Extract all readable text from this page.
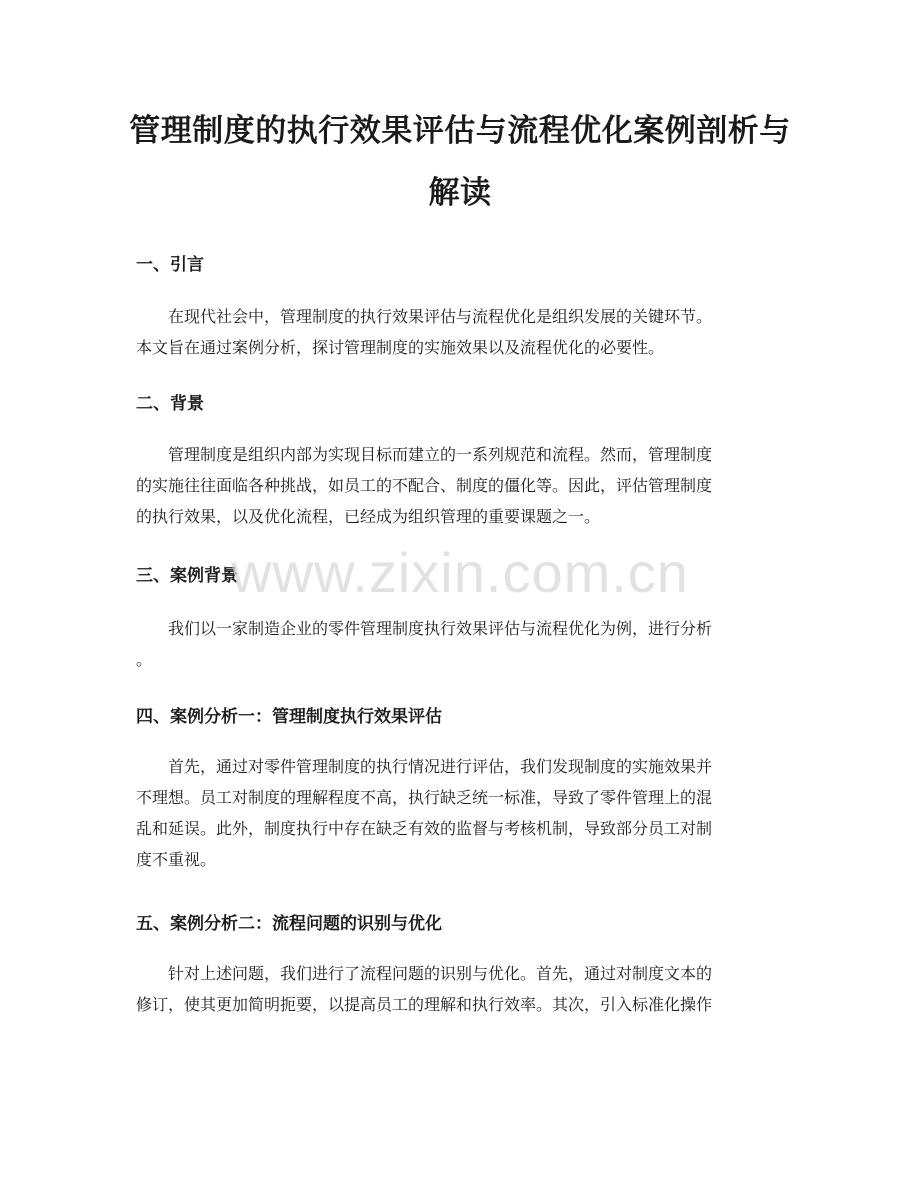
管理制度的执行效果评估与流程优化案例剖析与解读
一、引言

在现代社会中，管理制度的执行效果评估与流程优化是组织发展的关键环节。
本文旨在通过案例分析，探讨管理制度的实施效果以及流程优化的必要性。

二、背景

管理制度是组织内部为实现目标而建立的一系列规范和流程。然而，管理制度
的实施往往面临各种挑战，如员工的不配合、制度的僵化等。因此，评估管理制度
的执行效果，以及优化流程，已经成为组织管理的重要课题之一。

三、案例背景

我们以一家制造企业的零件管理制度执行效果评估与流程优化为例，进行分析
。

四、案例分析一：管理制度执行效果评估

首先，通过对零件管理制度的执行情况进行评估，我们发现制度的实施效果并
不理想。员工对制度的理解程度不高，执行缺乏统一标准，导致了零件管理上的混
乱和延误。此外，制度执行中存在缺乏有效的监督与考核机制，导致部分员工对制
度不重视。

五、案例分析二：流程问题的识别与优化

针对上述问题，我们进行了流程问题的识别与优化。首先，通过对制度文本的
修订，使其更加简明扼要，以提高员工的理解和执行效率。其次，引入标准化操作

www.zixin.com.cn
